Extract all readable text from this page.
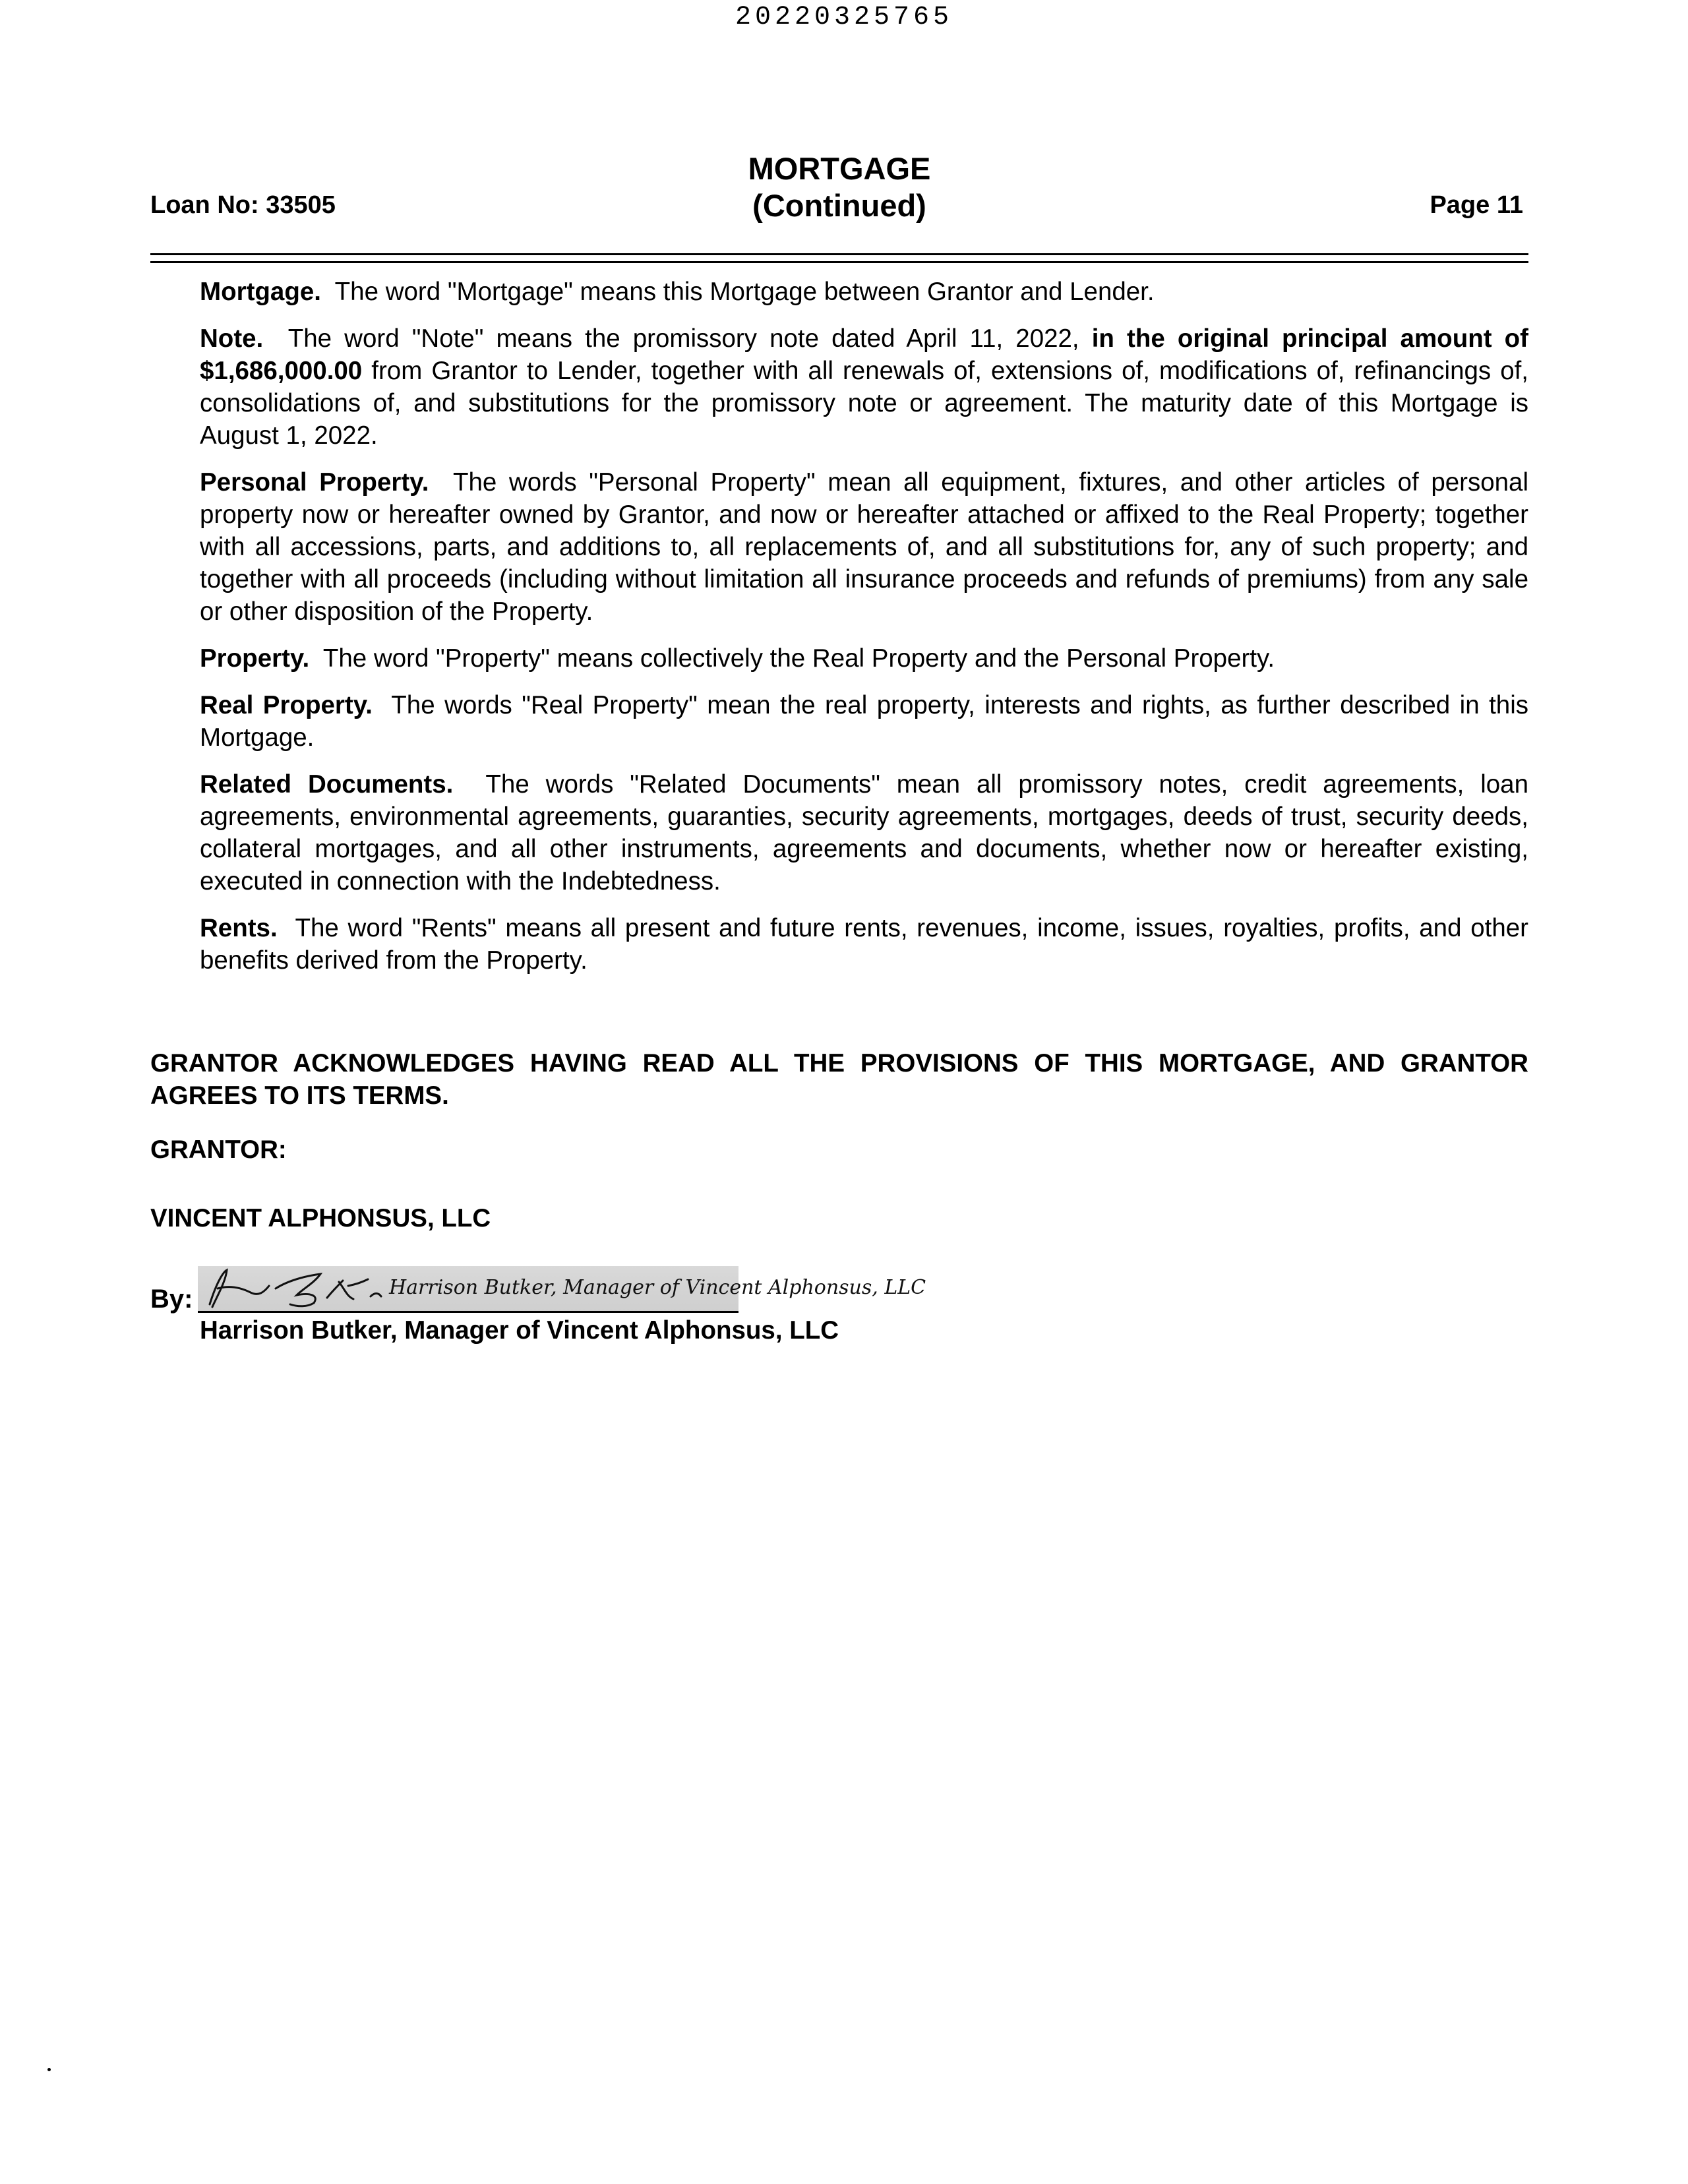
20220325765
Loan No: 33505
MORTGAGE
(Continued)	Page 11

Mortgage. The word "Mortgage" means this Mortgage between Grantor and Lender.

Note. The word "Note" means the promissory note dated April 11, 2022, in the original principal amount of $1,686,000.00 from Grantor to Lender, together with all renewals of, extensions of, modifications of, refinancings of, consolidations of, and substitutions for the promissory note or agreement. The maturity date of this Mortgage is August 1, 2022.

Personal Property. The words "Personal Property" mean all equipment, fixtures, and other articles of personal property now or hereafter owned by Grantor, and now or hereafter attached or affixed to the Real Property; together with all accessions, parts, and additions to, all replacements of, and all substitutions for, any of such property; and together with all proceeds (including without limitation all insurance proceeds and refunds of premiums) from any sale or other disposition of the Property.

Property. The word "Property" means collectively the Real Property and the Personal Property.

Real Property. The words "Real Property" mean the real property, interests and rights, as further described in this Mortgage.

Related Documents. The words "Related Documents" mean all promissory notes, credit agreements, loan agreements, environmental agreements, guaranties, security agreements, mortgages, deeds of trust, security deeds, collateral mortgages, and all other instruments, agreements and documents, whether now or hereafter existing, executed in connection with the Indebtedness.

Rents. The word "Rents" means all present and future rents, revenues, income, issues, royalties, profits, and other benefits derived from the Property.

GRANTOR ACKNOWLEDGES HAVING READ ALL THE PROVISIONS OF THIS MORTGAGE, AND GRANTOR AGREES TO ITS TERMS.
GRANTOR:
VINCENT ALPHONSUS, LLC
By:	Harrison Butker, Manager of Vincent Alphonsus, LLC
Harrison Butker, Manager of Vincent Alphonsus, LLC
